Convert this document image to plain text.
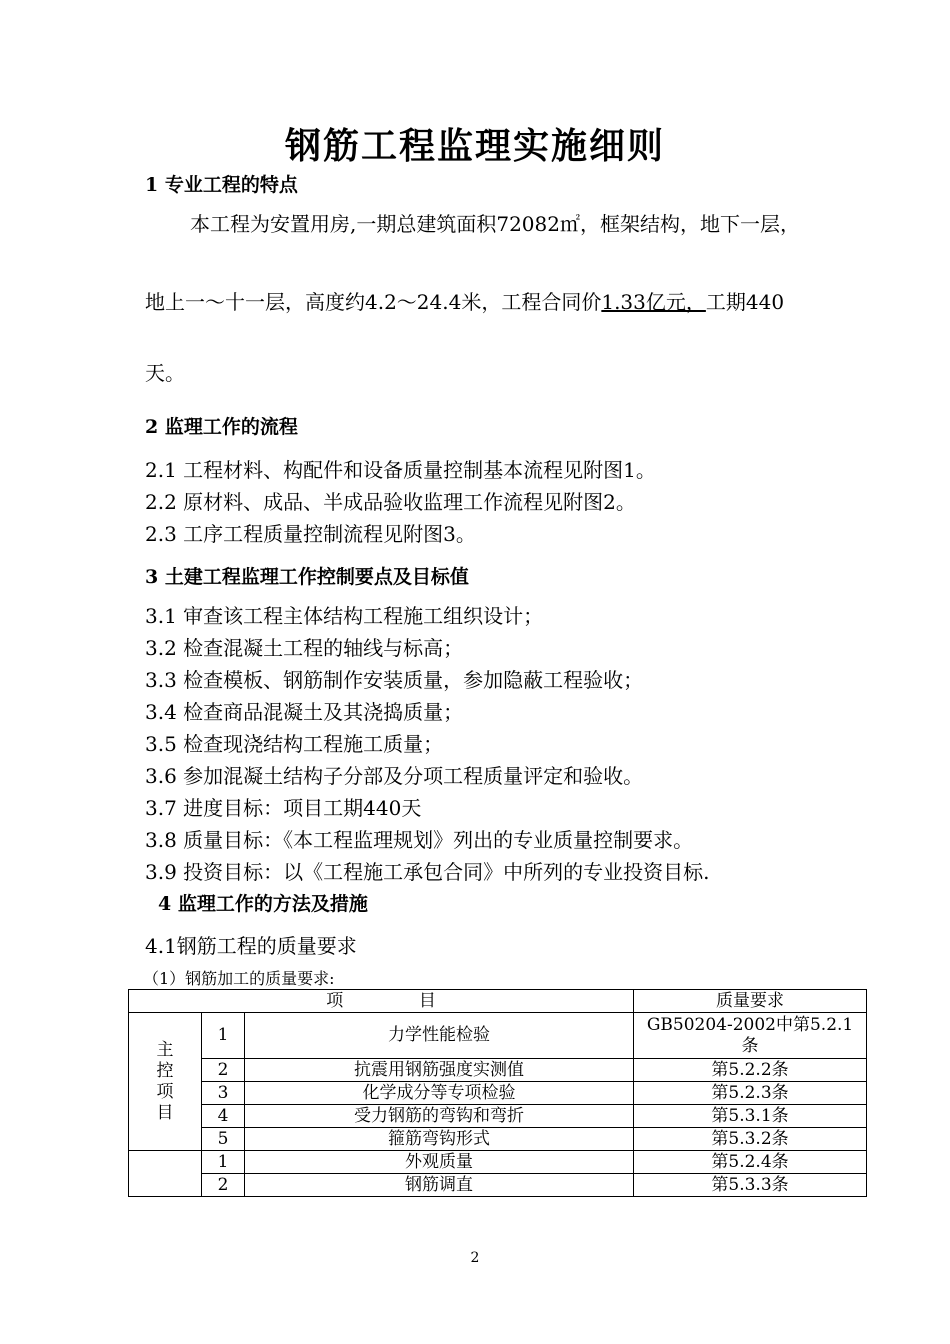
钢筋工程监理实施细则
1 专业工程的特点
本工程为安置用房,一期总建筑面积72082㎡，框架结构，地下一层，
地上一～十一层，高度约4.2～24.4米，工程合同价1.33亿元，工期440
天。
2 监理工作的流程
2.1 工程材料、构配件和设备质量控制基本流程见附图1。
2.2 原材料、成品、半成品验收监理工作流程见附图2。
2.3 工序工程质量控制流程见附图3。
3 土建工程监理工作控制要点及目标值
3.1 审查该工程主体结构工程施工组织设计；
3.2 检查混凝土工程的轴线与标高；
3.3 检查模板、钢筋制作安装质量，参加隐蔽工程验收；
3.4 检查商品混凝土及其浇捣质量；
3.5 检查现浇结构工程施工质量；
3.6 参加混凝土结构子分部及分项工程质量评定和验收。
3.7 进度目标：项目工期440天
3.8 质量目标：《本工程监理规划》列出的专业质量控制要求。
3.9 投资目标：以《工程施工承包合同》中所列的专业投资目标.
4 监理工作的方法及措施
4.1钢筋工程的质量要求
（1）钢筋加工的质量要求:
项              目			质量要求

主
控
项
目	1	力学性能检验	GB50204-2002中第5.2.1条
	2	抗震用钢筋强度实测值	第5.2.2条
	3	化学成分等专项检验	第5.2.3条
	4	受力钢筋的弯钩和弯折	第5.3.1条
	5	箍筋弯钩形式	第5.3.2条
	1	外观质量	第5.2.4条
	2	钢筋调直	第5.3.3条
2
